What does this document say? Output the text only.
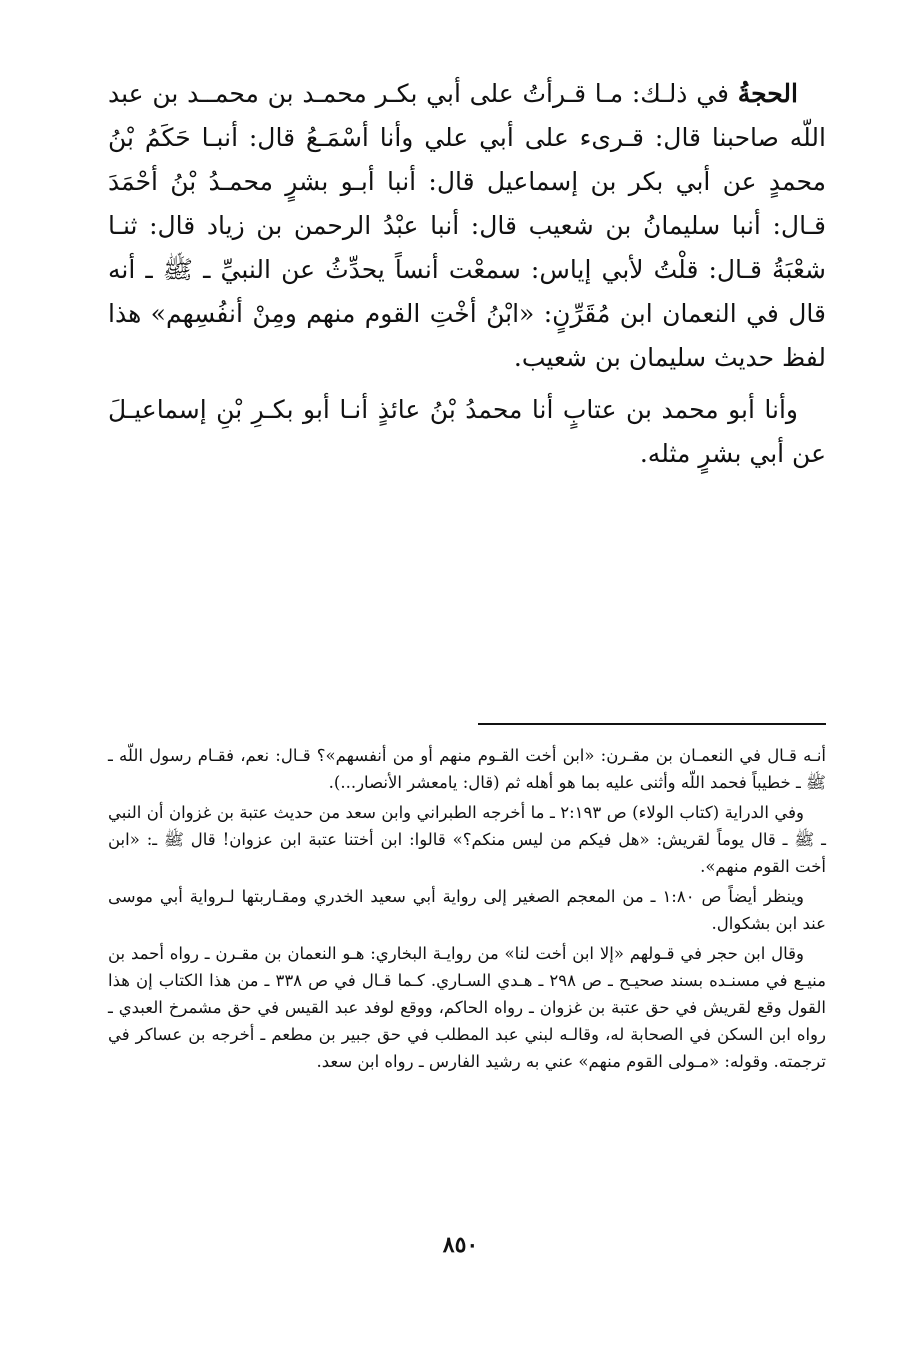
الحجةُ في ذلـك: مـا قـرأتُ على أبي بكـر محمـد بن محمــد بن عبد اللّه صاحبنا قال: قـرىء على أبي علي وأنا أسْمَـعُ قال: أنبـا حَكَمُ بْنُ محمدٍ عن أبي بكر بن إسماعيل قال: أنبا أبـو بشرٍ محمـدُ بْنُ أحْمَدَ قـال: أنبا سليمانُ بن شعيب قال: أنبا عبْدُ الرحمن بن زياد قال: ثنـا شعْبَةُ قـال: قلْتُ لأبي إياس: سمعْت أنساً يحدِّثُ عن النبيِّ ـ ﷺ ـ أنه قال في النعمان ابن مُقَرِّنٍ: «ابْنُ أخْتِ القوم منهم ومِنْ أنفُسِهم» هذا لفظ حديث سليمان بن شعيب.

وأنا أبو محمد بن عتابٍ أنا محمدُ بْنُ عائذٍ أنـا أبو بكـرِ بْنِ إسماعيـلَ عن أبي بشرٍ مثله.

أنـه قـال في النعمـان بن مقـرن: «ابن أخت القـوم منهم أو من أنفسهم»؟ قـال: نعم، فقـام رسول اللّه ـ ﷺ ـ خطيباً فحمد اللّه وأثنى عليه بما هو أهله ثم (قال: يامعشر الأنصار...).

وفي الدراية (كتاب الولاء) ص ٢:١٩٣ ـ ما أخرجه الطبراني وابن سعد من حديث عتبة بن غزوان أن النبي ـ ﷺ ـ قال يوماً لقريش: «هل فيكم من ليس منكم؟» قالوا: ابن أختنا عتبة ابن عزوان! قال ﷺ ـ: «ابن أخت القوم منهم».

وينظر أيضاً ص ١:٨٠ ـ من المعجم الصغير إلى رواية أبي سعيد الخدري ومقـاربتها لـرواية أبي موسى عند ابن بشكوال.

وقال ابن حجر في قـولهم «إلا ابن أخت لنا» من روايـة البخاري: هـو النعمان بن مقـرن ـ رواه أحمد بن منيـع في مسنـده بسند صحيـح ـ ص ٢٩٨ ـ هـدي السـاري. كـما قـال في ص ٣٣٨ ـ من هذا الكتاب إن هذا القول وقع لقريش في حق عتبة بن غزوان ـ رواه الحاكم، ووقع لوفد عبد القيس في حق مشمرخ العبدي ـ رواه ابن السكن في الصحابة له، وقالـه لبني عبد المطلب في حق جبير بن مطعم ـ أخرجه بن عساكر في ترجمته. وقوله: «مـولى القوم منهم» عني به رشيد الفارس ـ رواه ابن سعد.

٨٥٠
